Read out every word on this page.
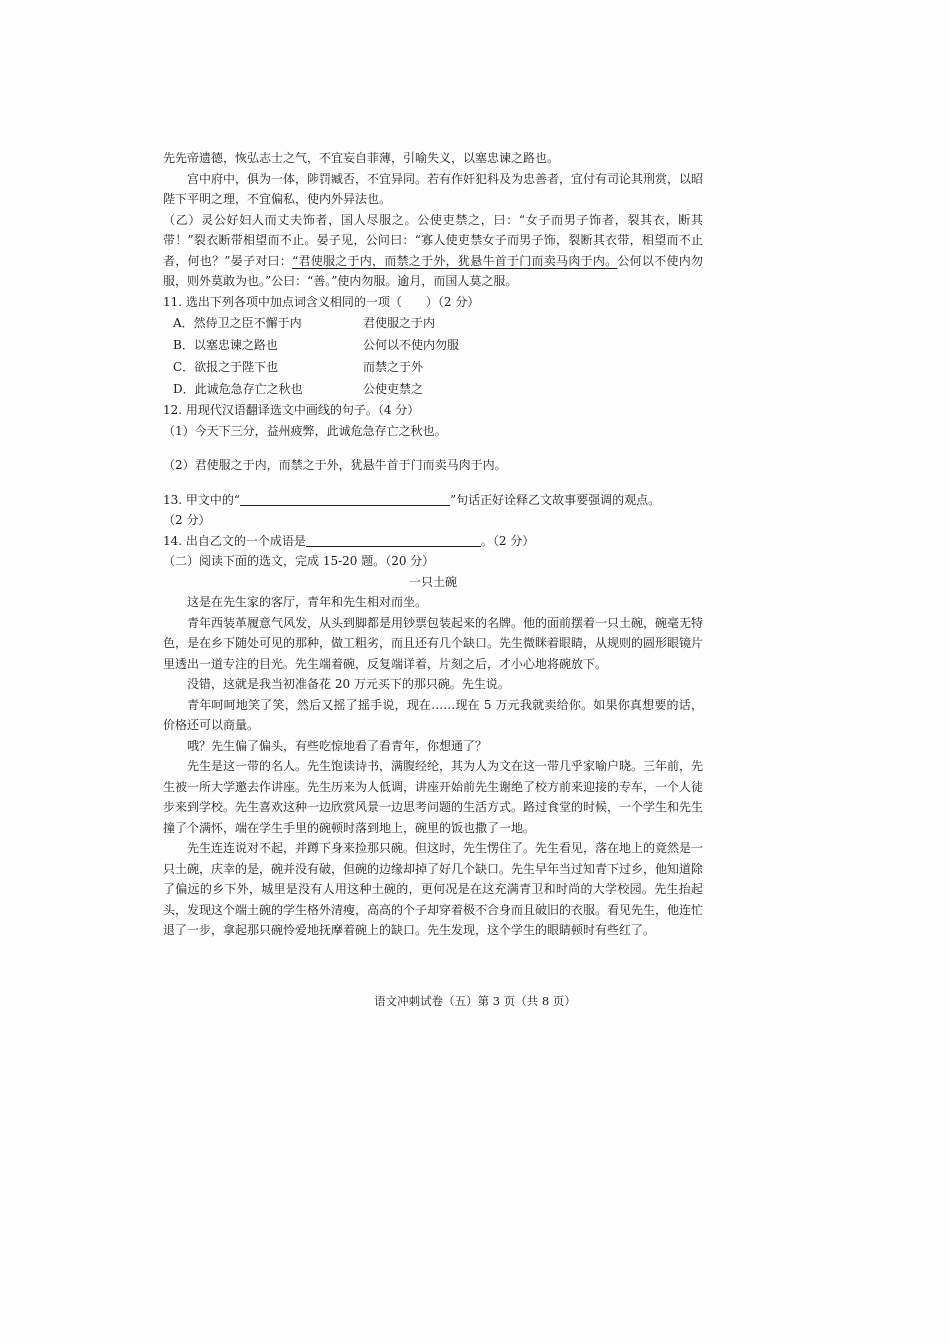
先先帝遗德，恢弘志士之气，不宜妄自菲薄，引喻失义，以塞忠谏之路也。

宫中府中，俱为一体，陟罚臧否，不宜异同。若有作奸犯科及为忠善者，宜付有司论其刑赏，以昭陛下平明之理，不宜偏私，使内外异法也。

（乙）灵公好妇人而丈夫饰者，国人尽服之。公使吏禁之，曰：“女子而男子饰者，裂其衣，断其带！”裂衣断带相望而不止。晏子见，公问曰：“寡人使吏禁女子而男子饰，裂断其衣带，相望而不止者，何也？”晏子对曰：“君使服之于内，而禁之于外，犹悬牛首于门而卖马肉于内。公何以不使内勿服，则外莫敢为也。”公曰：“善。”使内勿服。逾月，而国人莫之服。

11. 选出下列各项中加点词含义相同的一项（　　）（2 分）

A．然侍卫之臣不懈于内	君使服之于内
B．以塞忠谏之路也	公何以不使内勿服
C．欲报之于陛下也	而禁之于外
D．此诚危急存亡之秋也	公使吏禁之

12. 用现代汉语翻译选文中画线的句子。（4 分）

（1）今天下三分，益州疲弊，此诚危急存亡之秋也。

（2）君使服之于内，而禁之于外，犹悬牛首于门而卖马肉于内。

13. 甲文中的“	”句话正好诠释乙文故事要强调的观点。

（2 分）

14. 出自乙文的一个成语是	。（2 分）

（二）阅读下面的选文，完成 15-20 题。（20 分）

一只土碗

这是在先生家的客厅，青年和先生相对而坐。

青年西装革履意气风发，从头到脚都是用钞票包装起来的名牌。他的面前摆着一只土碗，碗毫无特色，是在乡下随处可见的那种，做工粗劣，而且还有几个缺口。先生微眯着眼睛，从规则的圆形眼镜片里透出一道专注的目光。先生端着碗，反复端详着，片刻之后，才小心地将碗放下。

没错，这就是我当初准备花 20 万元买下的那只碗。先生说。

青年呵呵地笑了笑，然后又摇了摇手说，现在……现在 5 万元我就卖给你。如果你真想要的话，价格还可以商量。

哦？先生偏了偏头，有些吃惊地看了看青年，你想通了？

先生是这一带的名人。先生饱读诗书，满腹经纶，其为人为文在这一带几乎家喻户晓。三年前，先生被一所大学邀去作讲座。先生历来为人低调，讲座开始前先生谢绝了校方前来迎接的专车，一个人徒步来到学校。先生喜欢这种一边欣赏风景一边思考问题的生活方式。路过食堂的时候，一个学生和先生撞了个满怀，端在学生手里的碗顿时落到地上，碗里的饭也撒了一地。

先生连连说对不起，并蹲下身来捡那只碗。但这时，先生愣住了。先生看见，落在地上的竟然是一只土碗，庆幸的是，碗并没有破，但碗的边缘却掉了好几个缺口。先生早年当过知青下过乡，他知道除了偏远的乡下外，城里是没有人用这种土碗的，更何况是在这充满青卫和时尚的大学校园。先生抬起头，发现这个端土碗的学生格外清瘦，高高的个子却穿着极不合身而且破旧的衣服。看见先生，他连忙退了一步，拿起那只碗怜爱地抚摩着碗上的缺口。先生发现，这个学生的眼睛顿时有些红了。

语文冲刺试卷（五）第 3 页（共 8 页）
